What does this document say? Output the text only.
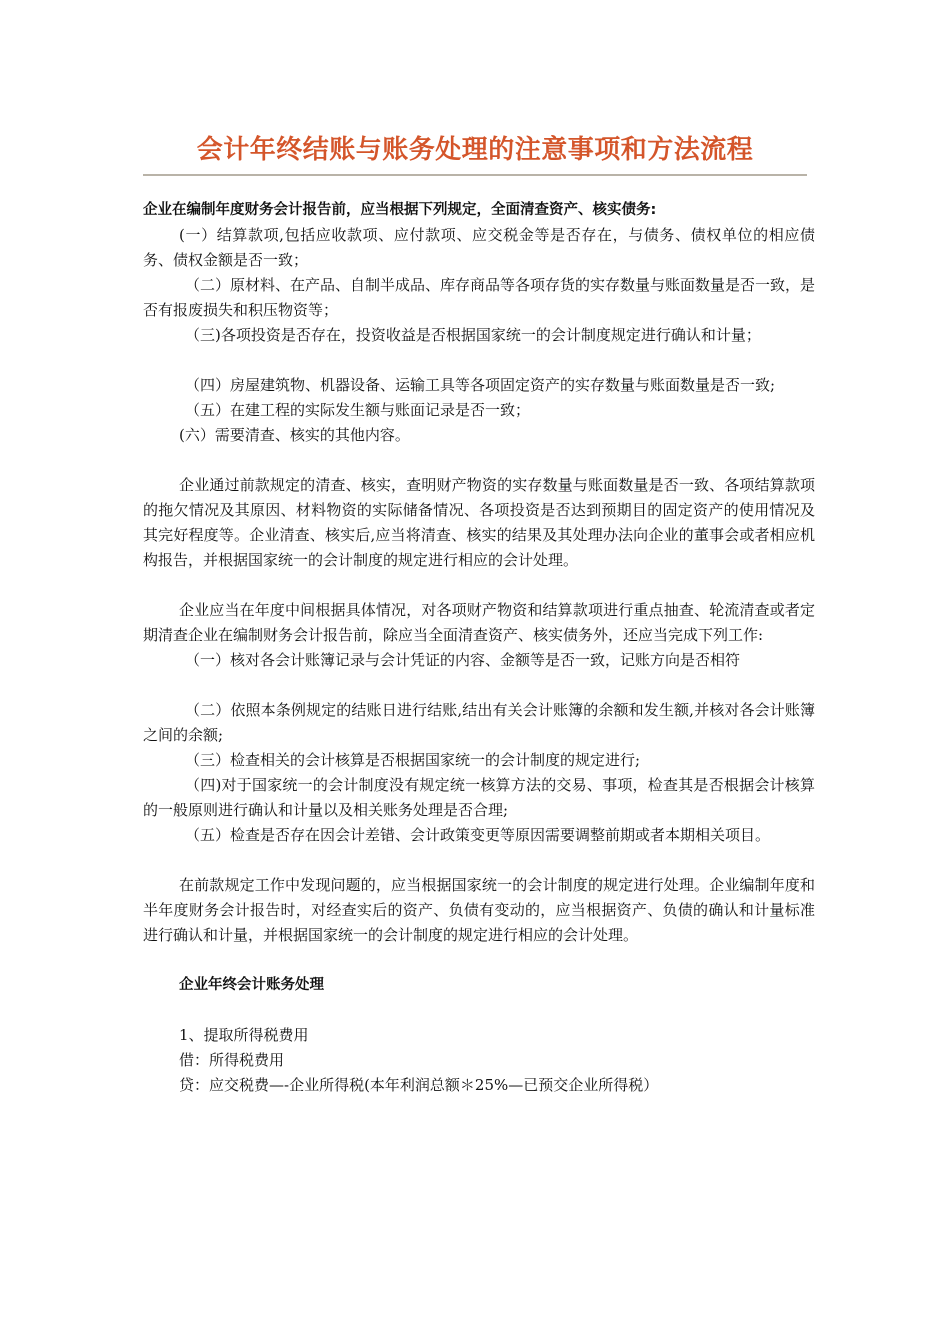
会计年终结账与账务处理的注意事项和方法流程

企业在编制年度财务会计报告前，应当根据下列规定，全面清查资产、核实债务:

(一）结算款项,包括应收款项、应付款项、应交税金等是否存在，与债务、债权单位的相应债务、债权金额是否一致；

（二）原材料、在产品、自制半成品、库存商品等各项存货的实存数量与账面数量是否一致，是否有报废损失和积压物资等；

（三)各项投资是否存在，投资收益是否根据国家统一的会计制度规定进行确认和计量；

（四）房屋建筑物、机器设备、运输工具等各项固定资产的实存数量与账面数量是否一致;

（五）在建工程的实际发生额与账面记录是否一致；

(六）需要清查、核实的其他内容。

企业通过前款规定的清查、核实，查明财产物资的实存数量与账面数量是否一致、各项结算款项的拖欠情况及其原因、材料物资的实际储备情况、各项投资是否达到预期目的固定资产的使用情况及其完好程度等。企业清查、核实后,应当将清查、核实的结果及其处理办法向企业的董事会或者相应机构报告，并根据国家统一的会计制度的规定进行相应的会计处理。

企业应当在年度中间根据具体情况，对各项财产物资和结算款项进行重点抽查、轮流清查或者定期清查企业在编制财务会计报告前，除应当全面清查资产、核实债务外，还应当完成下列工作:

（一）核对各会计账簿记录与会计凭证的内容、金额等是否一致，记账方向是否相符

（二）依照本条例规定的结账日进行结账,结出有关会计账簿的余额和发生额,并核对各会计账簿之间的余额;

（三）检查相关的会计核算是否根据国家统一的会计制度的规定进行;

（四)对于国家统一的会计制度没有规定统一核算方法的交易、事项，检查其是否根据会计核算的一般原则进行确认和计量以及相关账务处理是否合理;

（五）检查是否存在因会计差错、会计政策变更等原因需要调整前期或者本期相关项目。

在前款规定工作中发现问题的，应当根据国家统一的会计制度的规定进行处理。企业编制年度和半年度财务会计报告时，对经查实后的资产、负债有变动的，应当根据资产、负债的确认和计量标准进行确认和计量，并根据国家统一的会计制度的规定进行相应的会计处理。

企业年终会计账务处理

1、提取所得税费用

借：所得税费用

贷：应交税费—-企业所得税(本年利润总额＊25%—已预交企业所得税）
